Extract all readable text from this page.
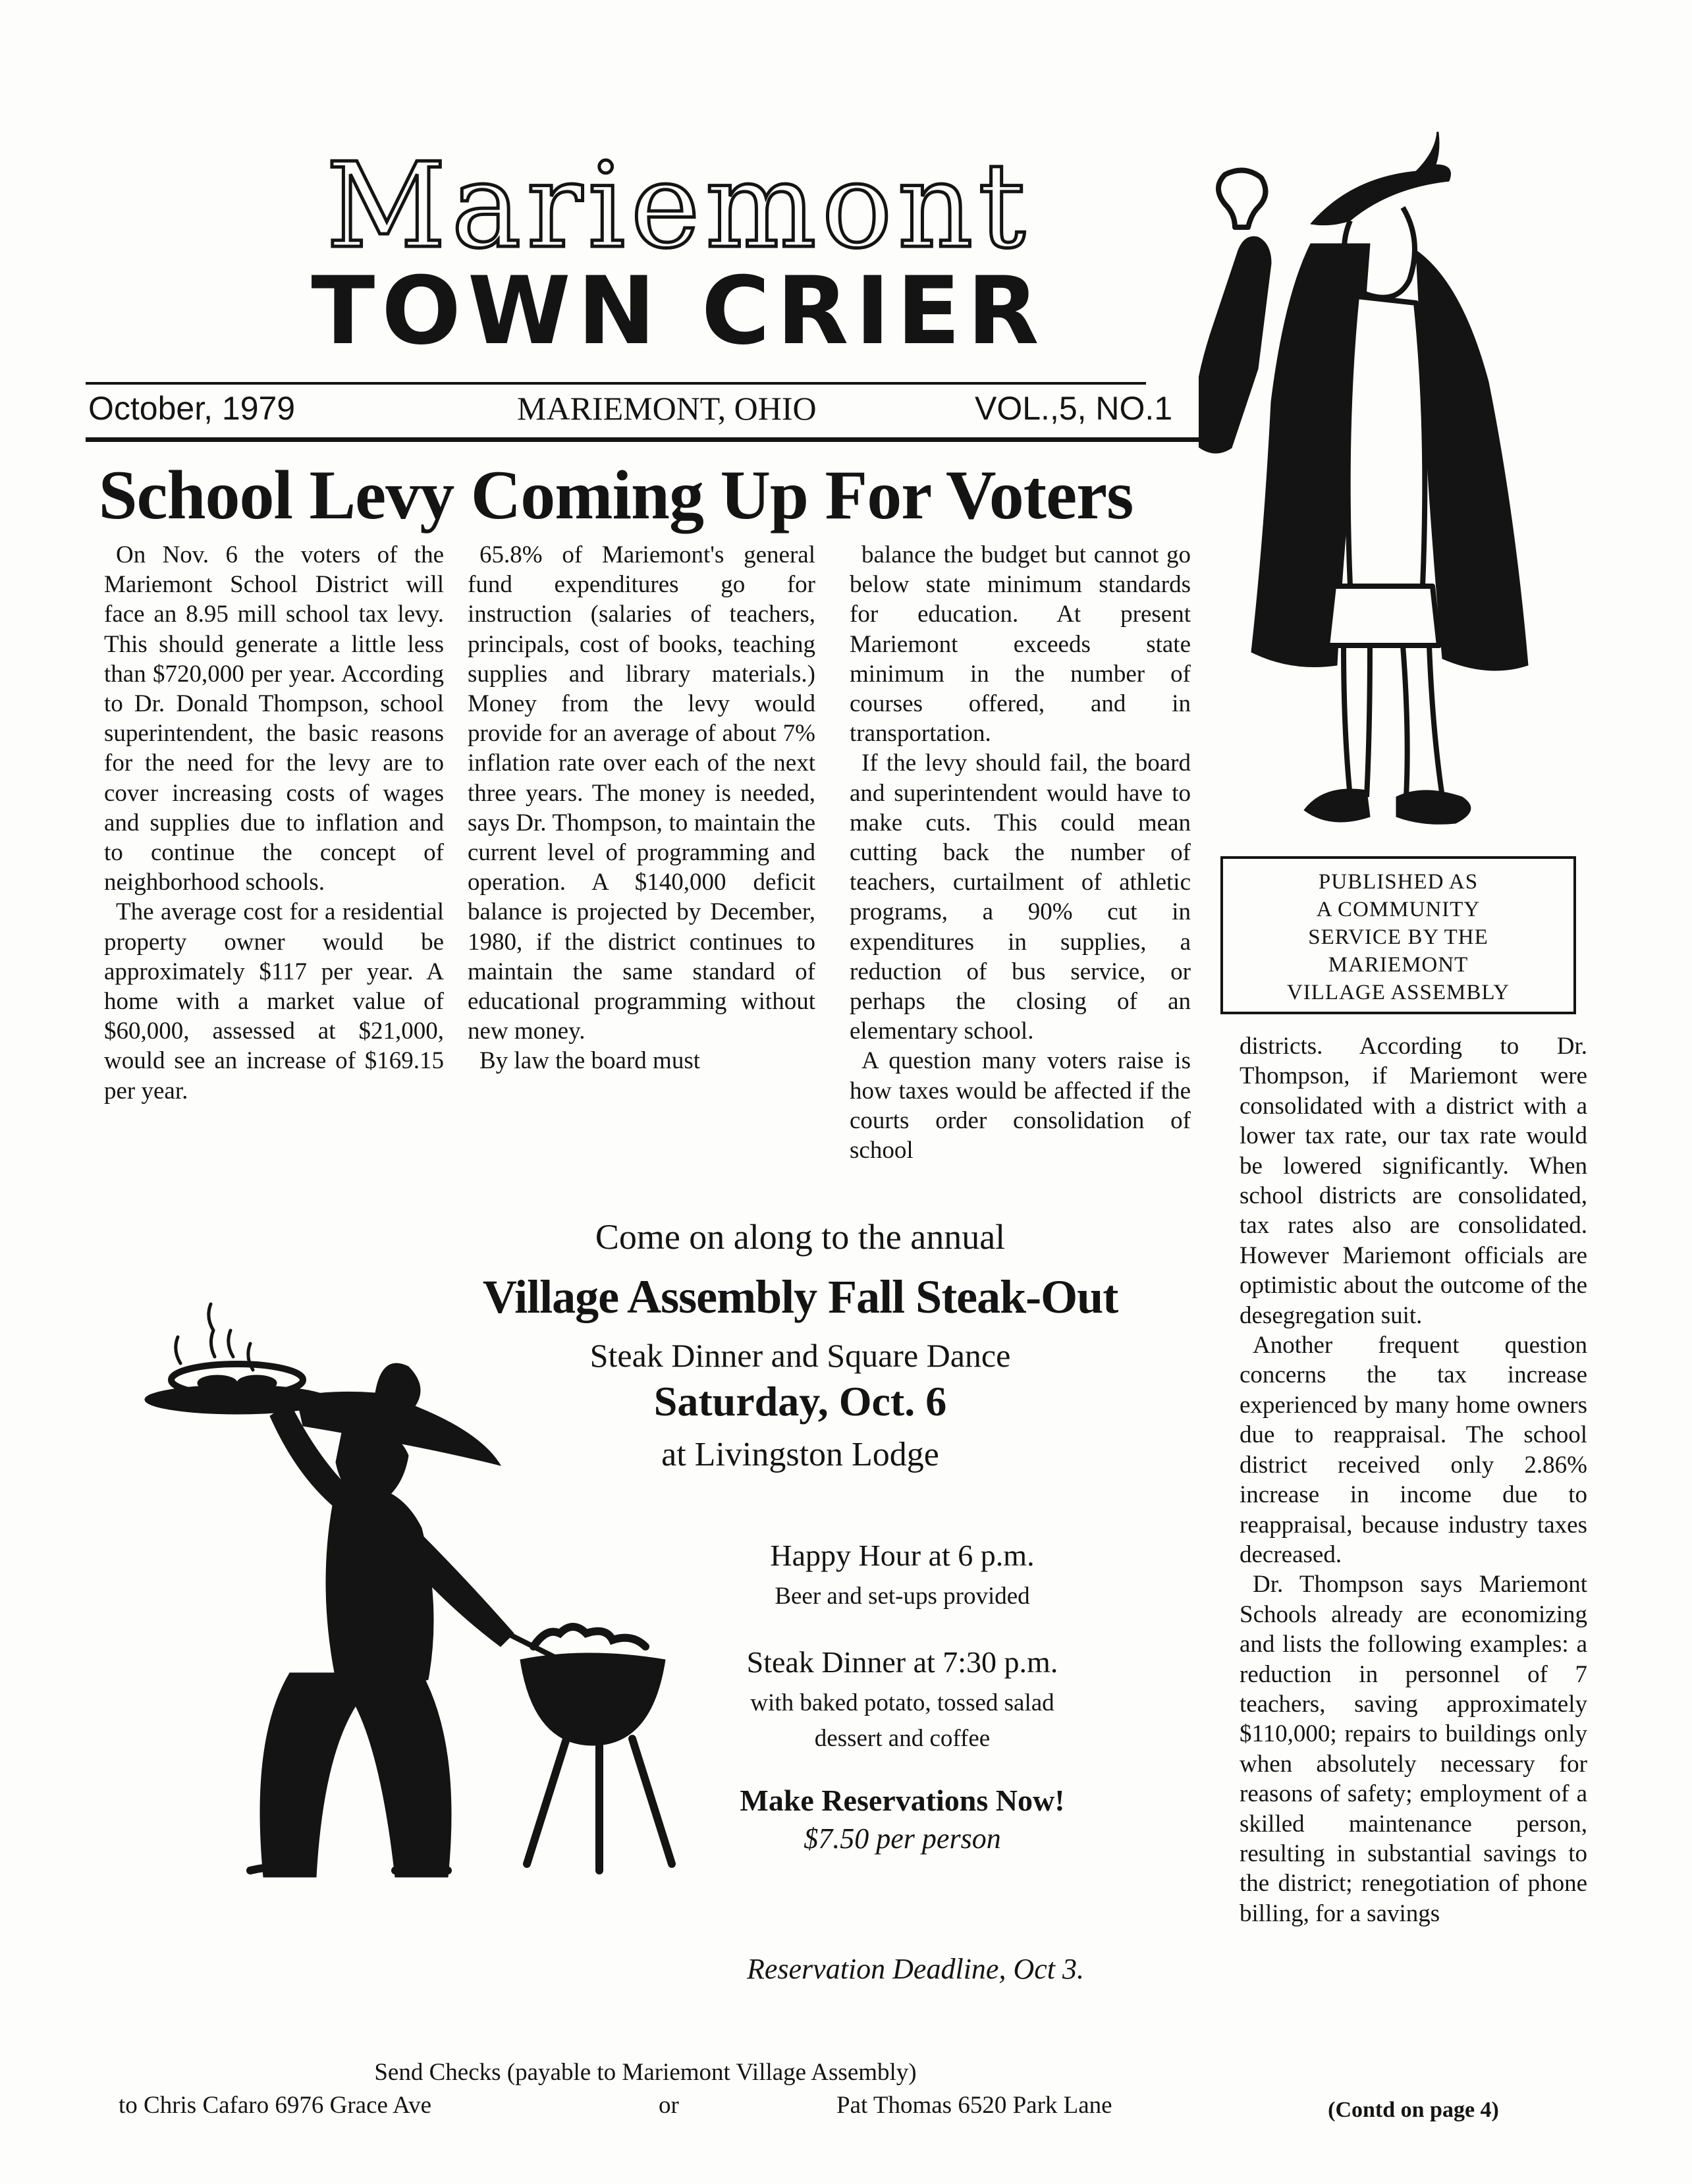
Mariemont
TOWN CRIER
October, 1979	MARIEMONT, OHIO	VOL.,5, NO.1
School Levy Coming Up For Voters

On Nov. 6 the voters of the Mariemont School District will face an 8.95 mill school tax levy. This should generate a little less than $720,000 per year. According to Dr. Donald Thompson, school superintendent, the basic reasons for the need for the levy are to cover increasing costs of wages and supplies due to inflation and to continue the concept of neighborhood schools.

The average cost for a residential property owner would be approximately $117 per year. A home with a market value of $60,000, assessed at $21,000, would see an increase of $169.15 per year.

65.8% of Mariemont's general fund expenditures go for instruction (salaries of teachers, principals, cost of books, teaching supplies and library materials.) Money from the levy would provide for an average of about 7% inflation rate over each of the next three years. The money is needed, says Dr. Thompson, to maintain the current level of programming and operation. A $140,000 deficit balance is projected by December, 1980, if the district continues to maintain the same standard of educational programming without new money.

By law the board must

balance the budget but cannot go below state minimum standards for education. At present Mariemont exceeds state minimum in the number of courses offered, and in transportation.

If the levy should fail, the board and superintendent would have to make cuts. This could mean cutting back the number of teachers, curtailment of athletic programs, a 90% cut in expenditures in supplies, a reduction of bus service, or perhaps the closing of an elementary school.

A question many voters raise is how taxes would be affected if the courts order consolidation of school

PUBLISHED AS
A COMMUNITY
SERVICE BY THE
MARIEMONT
VILLAGE ASSEMBLY

districts. According to Dr. Thompson, if Mariemont were consolidated with a district with a lower tax rate, our tax rate would be lowered significantly. When school districts are consolidated, tax rates also are consolidated. However Mariemont officials are optimistic about the outcome of the desegregation suit.

Another frequent question concerns the tax increase experienced by many home owners due to reappraisal. The school district received only 2.86% increase in income due to reappraisal, because industry taxes decreased.

Dr. Thompson says Mariemont Schools already are economizing and lists the following examples: a reduction in personnel of 7 teachers, saving approximately $110,000; repairs to buildings only when absolutely necessary for reasons of safety; employment of a skilled maintenance person, resulting in substantial savings to the district; renegotiation of phone billing, for a savings

(Contd on page 4)
Come on along to the annual
Village Assembly Fall Steak-Out
Steak Dinner and Square Dance
Saturday, Oct. 6
at Livingston Lodge
Happy Hour at 6 p.m.
Beer and set-ups provided
Steak Dinner at 7:30 p.m.
with baked potato, tossed salad
dessert and coffee
Make Reservations Now!
$7.50 per person
Reservation Deadline, Oct 3.
Send Checks (payable to Mariemont Village Assembly)
to Chris Cafaro 6976 Grace Ave	or	Pat Thomas 6520 Park Lane
